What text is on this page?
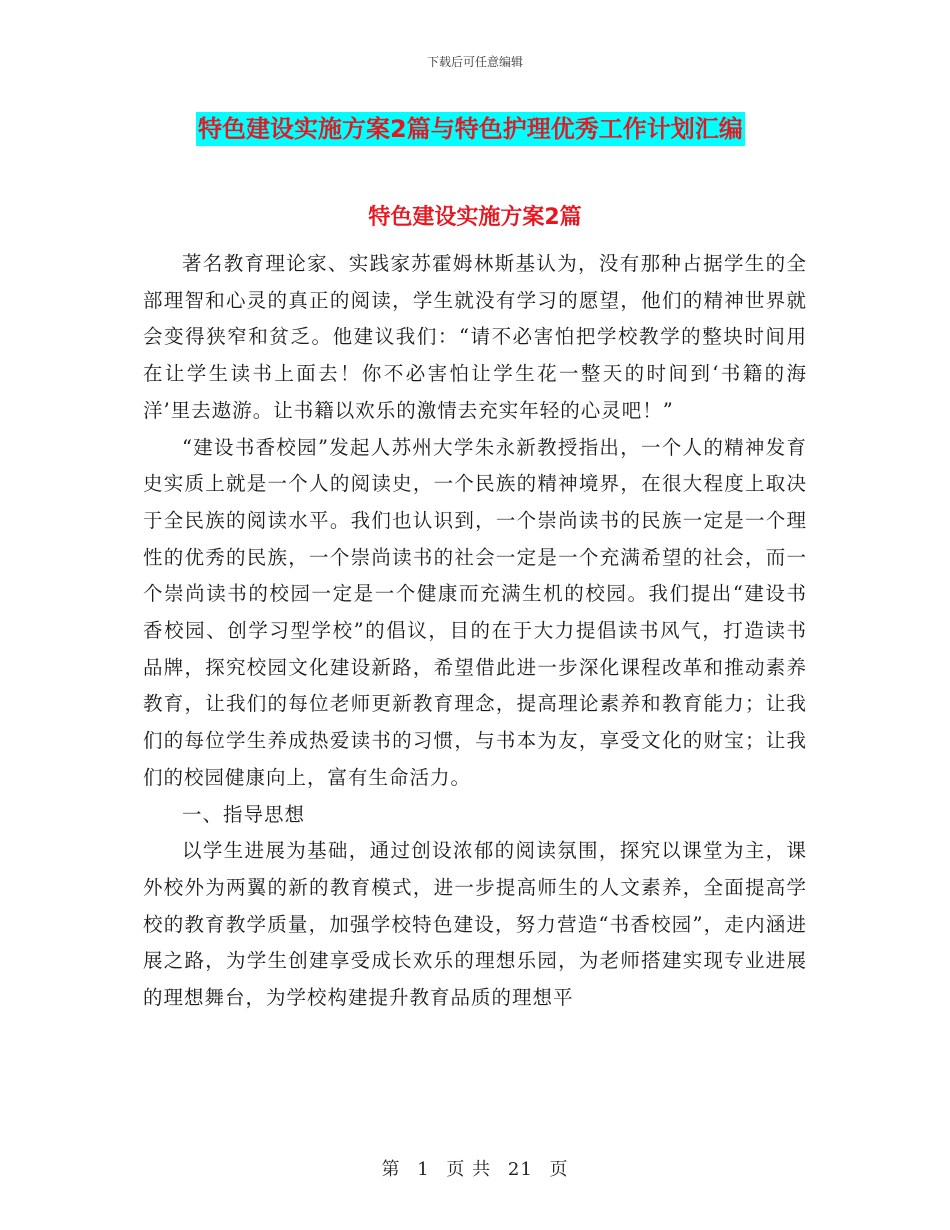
下载后可任意编辑
特色建设实施方案2篇与特色护理优秀工作计划汇编
特色建设实施方案2篇

著名教育理论家、实践家苏霍姆林斯基认为，没有那种占据学生的全部理智和心灵的真正的阅读，学生就没有学习的愿望，他们的精神世界就会变得狭窄和贫乏。他建议我们：“请不必害怕把学校教学的整块时间用在让学生读书上面去！你不必害怕让学生花一整天的时间到‘书籍的海洋’里去遨游。让书籍以欢乐的激情去充实年轻的心灵吧！”

“建设书香校园”发起人苏州大学朱永新教授指出，一个人的精神发育史实质上就是一个人的阅读史，一个民族的精神境界，在很大程度上取决于全民族的阅读水平。我们也认识到，一个崇尚读书的民族一定是一个理性的优秀的民族，一个崇尚读书的社会一定是一个充满希望的社会，而一个崇尚读书的校园一定是一个健康而充满生机的校园。我们提出“建设书香校园、创学习型学校”的倡议，目的在于大力提倡读书风气，打造读书品牌，探究校园文化建设新路，希望借此进一步深化课程改革和推动素养教育，让我们的每位老师更新教育理念，提高理论素养和教育能力；让我们的每位学生养成热爱读书的习惯，与书本为友，享受文化的财宝；让我们的校园健康向上，富有生命活力。

一、指导思想

以学生进展为基础，通过创设浓郁的阅读氛围，探究以课堂为主，课外校外为两翼的新的教育模式，进一步提高师生的人文素养，全面提高学校的教育教学质量，加强学校特色建设，努力营造“书香校园”，走内涵进展之路，为学生创建享受成长欢乐的理想乐园，为老师搭建实现专业进展的理想舞台，为学校构建提升教育品质的理想平

第 1 页 共 21 页
